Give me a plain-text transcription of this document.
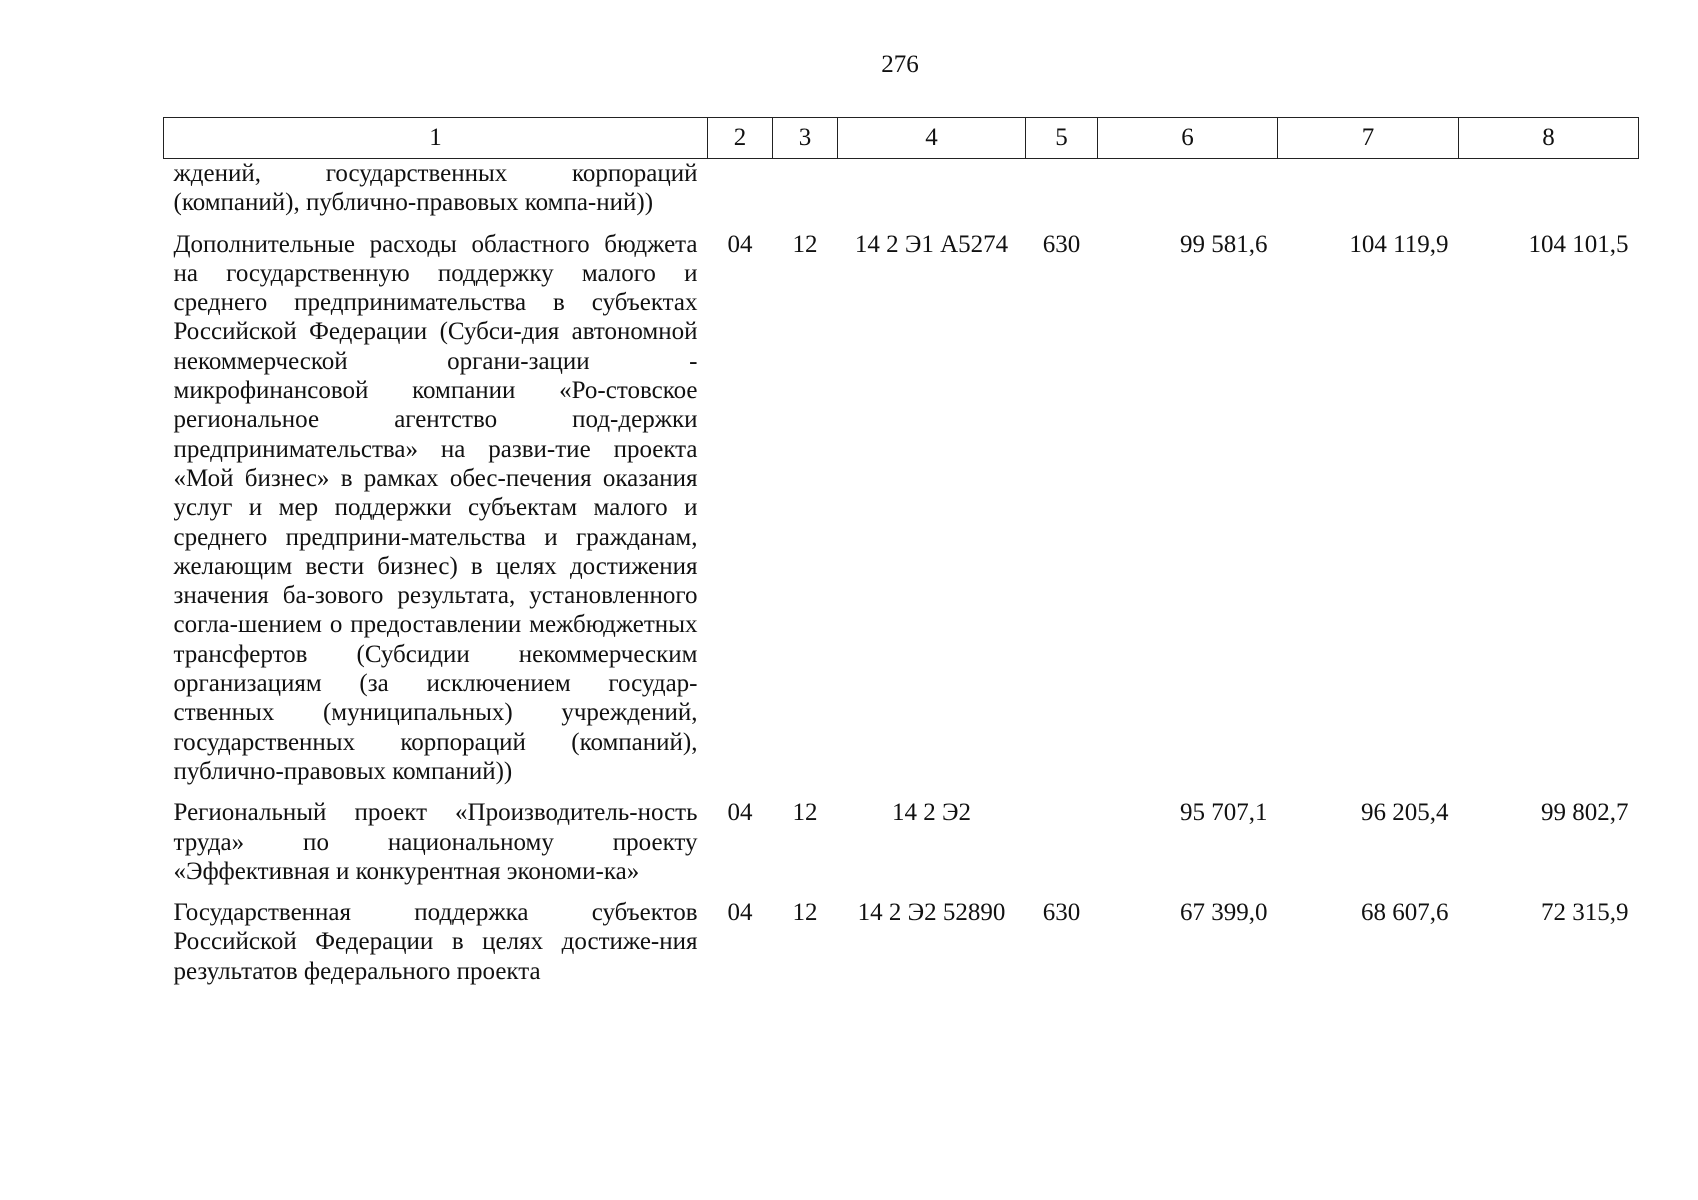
276
1	2	3	4	5	6	7	8
ждений, государственных корпораций (компаний), публично-правовых компа-ний))							
Дополнительные расходы областного бюджета на государственную поддержку малого и среднего предпринимательства в субъектах Российской Федерации (Субси-дия автономной некоммерческой органи-зации - микрофинансовой компании «Ро-стовское региональное агентство под-держки предпринимательства» на разви-тие проекта «Мой бизнес» в рамках обес-печения оказания услуг и мер поддержки субъектам малого и среднего предприни-мательства и гражданам, желающим вести бизнес) в целях достижения значения ба-зового результата, установленного согла-шением о предоставлении межбюджетных трансфертов (Субсидии некоммерческим организациям (за исключением государ-ственных (муниципальных) учреждений, государственных корпораций (компаний), публично-правовых компаний))	04	12	14 2 Э1 А5274	630	99 581,6	104 119,9	104 101,5
Региональный проект «Производитель-ность труда» по национальному проекту «Эффективная и конкурентная экономи-ка»	04	12	14 2 Э2		95 707,1	96 205,4	99 802,7
Государственная поддержка субъектов Российской Федерации в целях достиже-ния результатов федерального проекта	04	12	14 2 Э2 52890	630	67 399,0	68 607,6	72 315,9
